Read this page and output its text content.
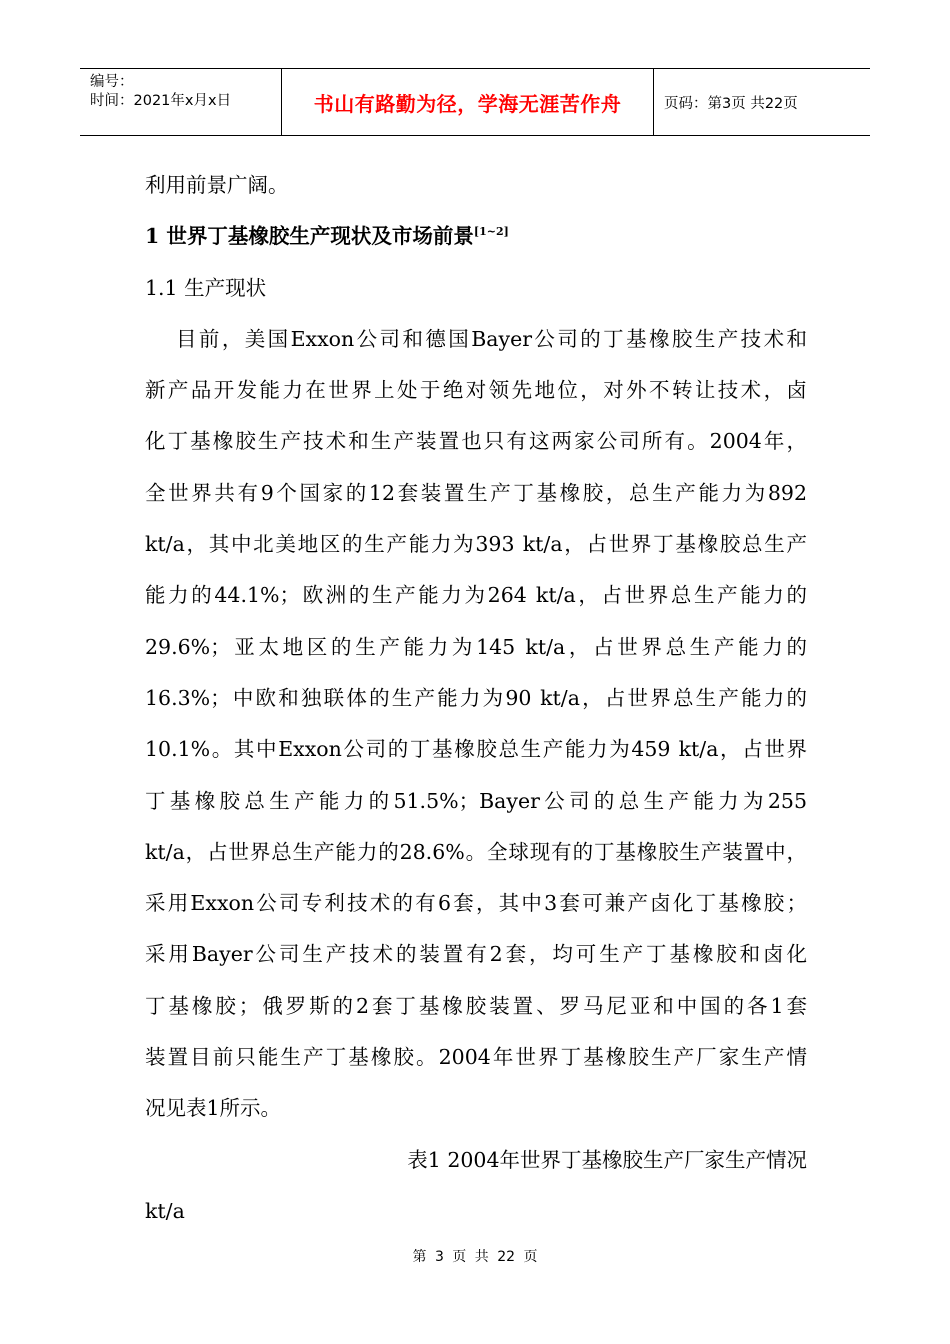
编号：
时间：2021年x月x日	书山有路勤为径，学海无涯苦作舟	页码：第3页 共22页
利用前景广阔。
1 世界丁基橡胶生产现状及市场前景[1~2]
1.1 生产现状
目前，美国Exxon公司和德国Bayer公司的丁基橡胶生产技术和
新产品开发能力在世界上处于绝对领先地位，对外不转让技术，卤
化丁基橡胶生产技术和生产装置也只有这两家公司所有。2004年，
全世界共有9个国家的12套装置生产丁基橡胶，总生产能力为892
kt/a，其中北美地区的生产能力为393 kt/a，占世界丁基橡胶总生产
能力的44.1%；欧洲的生产能力为264 kt/a，占世界总生产能力的
29.6%；亚太地区的生产能力为145 kt/a，占世界总生产能力的
16.3%；中欧和独联体的生产能力为90 kt/a，占世界总生产能力的
10.1%。其中Exxon公司的丁基橡胶总生产能力为459 kt/a，占世界
丁基橡胶总生产能力的51.5%；Bayer公司的总生产能力为255
kt/a，占世界总生产能力的28.6%。全球现有的丁基橡胶生产装置中，
采用Exxon公司专利技术的有6套，其中3套可兼产卤化丁基橡胶；
采用Bayer公司生产技术的装置有2套，均可生产丁基橡胶和卤化
丁基橡胶；俄罗斯的2套丁基橡胶装置、罗马尼亚和中国的各1套
装置目前只能生产丁基橡胶。2004年世界丁基橡胶生产厂家生产情
况见表1所示。
表1 2004年世界丁基橡胶生产厂家生产情况
kt/a
第 3 页 共 22 页
